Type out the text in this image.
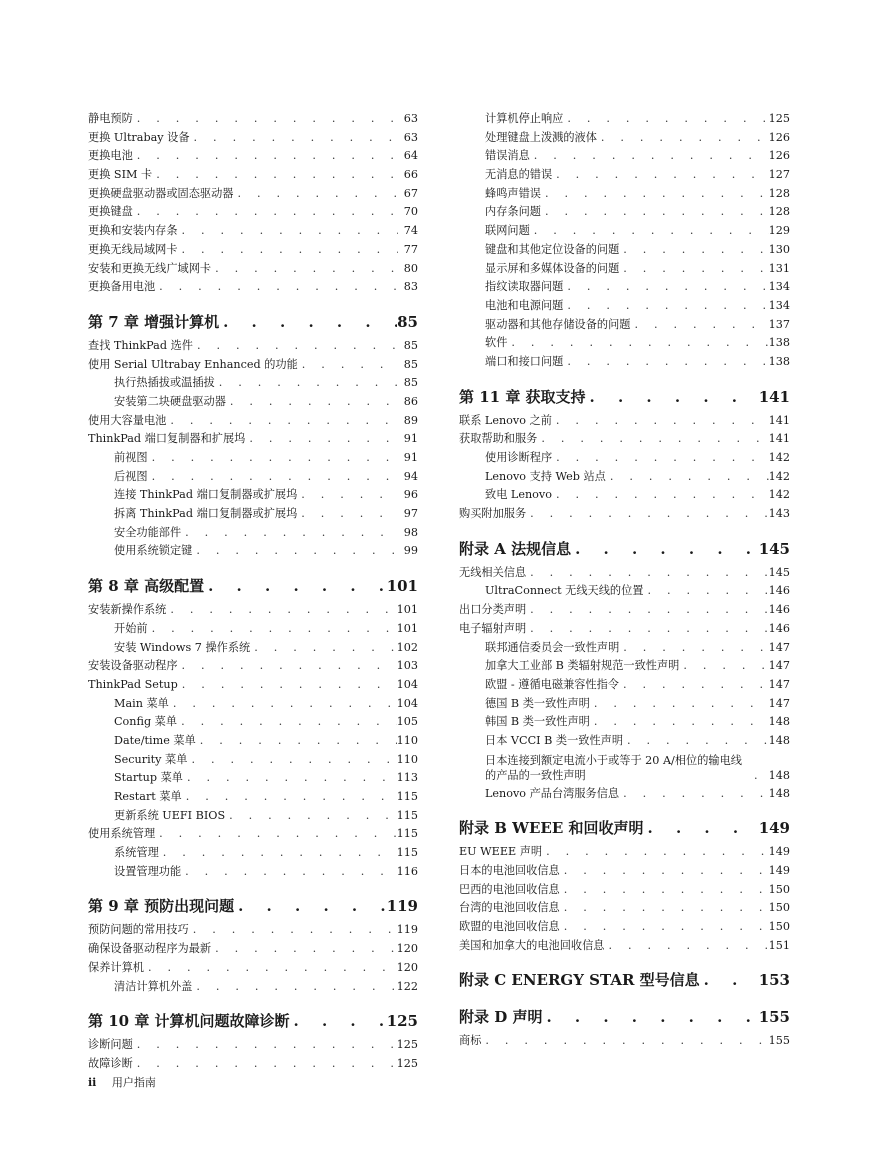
静电预防 . . .	63
更换 Ultrabay 设备 . . .	63
更换电池 . . .	64
更换 SIM 卡 . . .	66
更换硬盘驱动器或固态驱动器 . . .	67
更换键盘 . . .	70
更换和安装内存条 . . .	74
更换无线局域网卡 . . .	77
安装和更换无线广域网卡 . . .	80
更换备用电池 . . .	83
第 7 章 增强计算机 . . .	85
查找 ThinkPad 选件 . . .	85
使用 Serial Ultrabay Enhanced 的功能 . . .	85
执行热插拔或温插拔 . . .	85
安装第二块硬盘驱动器 . . .	86
使用大容量电池 . . .	89
ThinkPad 端口复制器和扩展坞 . . .	91
前视图 . . .	91
后视图 . . .	94
连接 ThinkPad 端口复制器或扩展坞 . . .	96
拆离 ThinkPad 端口复制器或扩展坞 . . .	97
安全功能部件 . . .	98
使用系统锁定键 . . .	99
第 8 章 高级配置 . . .	101
安装新操作系统 . . .	101
开始前 . . .	101
安装 Windows 7 操作系统 . . .	102
安装设备驱动程序 . . .	103
ThinkPad Setup . . .	104
Main 菜单 . . .	104
Config 菜单 . . .	105
Date/time 菜单 . . .	110
Security 菜单 . . .	110
Startup 菜单 . . .	113
Restart 菜单 . . .	115
更新系统 UEFI BIOS . . .	115
使用系统管理 . . .	115
系统管理 . . .	115
设置管理功能 . . .	116
第 9 章 预防出现问题 . . .	119
预防问题的常用技巧 . . .	119
确保设备驱动程序为最新 . . .	120
保养计算机 . . .	120
清洁计算机外盖 . . .	122
第 10 章 计算机问题故障诊断 . . .	125
诊断问题 . . .	125
故障诊断 . . .	125
计算机停止响应 . . .	125
处理键盘上泼溅的液体 . . .	126
错误消息 . . .	126
无消息的错误 . . .	127
蜂鸣声错误 . . .	128
内存条问题 . . .	128
联网问题 . . .	129
键盘和其他定位设备的问题 . . .	130
显示屏和多媒体设备的问题 . . .	131
指纹读取器问题 . . .	134
电池和电源问题 . . .	134
驱动器和其他存储设备的问题 . . .	137
软件 . . .	138
端口和接口问题 . . .	138
第 11 章 获取支持 . . .	141
联系 Lenovo 之前 . . .	141
获取帮助和服务 . . .	141
使用诊断程序 . . .	142
Lenovo 支持 Web 站点 . . .	142
致电 Lenovo . . .	142
购买附加服务 . . .	143
附录 A 法规信息 . . .	145
无线相关信息 . . .	145
UltraConnect 无线天线的位置 . . .	146
出口分类声明 . . .	146
电子辐射声明 . . .	146
联邦通信委员会一致性声明 . . .	147
加拿大工业部 B 类辐射规范一致性声明 . . .	147
欧盟 - 遵循电磁兼容性指令 . . .	147
德国 B 类一致性声明 . . .	147
韩国 B 类一致性声明 . . .	148
日本 VCCI B 类一致性声明 . . .	148
日本连接到额定电流小于或等于 20 A/相位的输电线的产品的一致性声明 . . .	148
Lenovo 产品台湾服务信息 . . .	148
附录 B WEEE 和回收声明 . . .	149
EU WEEE 声明 . . .	149
日本的电池回收信息 . . .	149
巴西的电池回收信息 . . .	150
台湾的电池回收信息 . . .	150
欧盟的电池回收信息 . . .	150
美国和加拿大的电池回收信息 . . .	151
附录 C ENERGY STAR 型号信息 . . .	153
附录 D 声明 . . .	155
商标 . . .	155
ii 用户指南
